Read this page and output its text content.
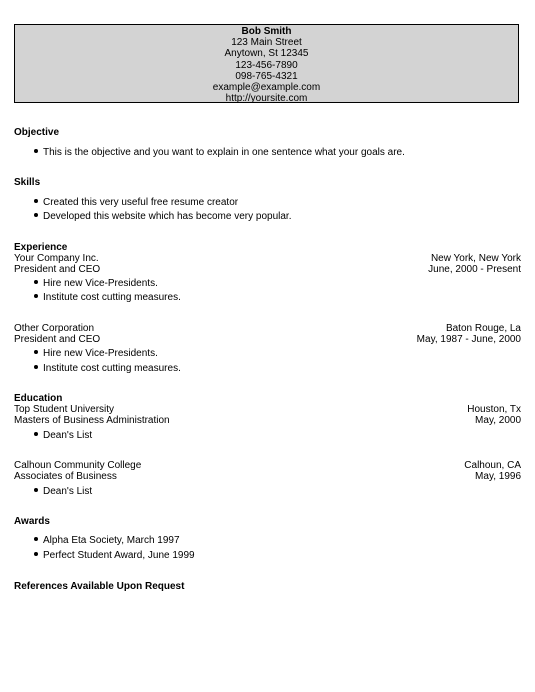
Bob Smith
123 Main Street
Anytown, St 12345
123-456-7890
098-765-4321
example@example.com
http://yoursite.com
Objective
This is the objective and you want to explain in one sentence what your goals are.
Skills
Created this very useful free resume creator
Developed this website which has become very popular.
Experience
Your Company Inc.	New York, New York
President and CEO	June, 2000 - Present
Hire new Vice-Presidents.
Institute cost cutting measures.
Other Corporation	Baton Rouge, La
President and CEO	May, 1987 - June, 2000
Hire new Vice-Presidents.
Institute cost cutting measures.
Education
Top Student University	Houston, Tx
Masters of Business Administration	May, 2000
Dean's List
Calhoun Community College	Calhoun, CA
Associates of Business	May, 1996
Dean's List
Awards
Alpha Eta Society, March 1997
Perfect Student Award, June 1999
References Available Upon Request
